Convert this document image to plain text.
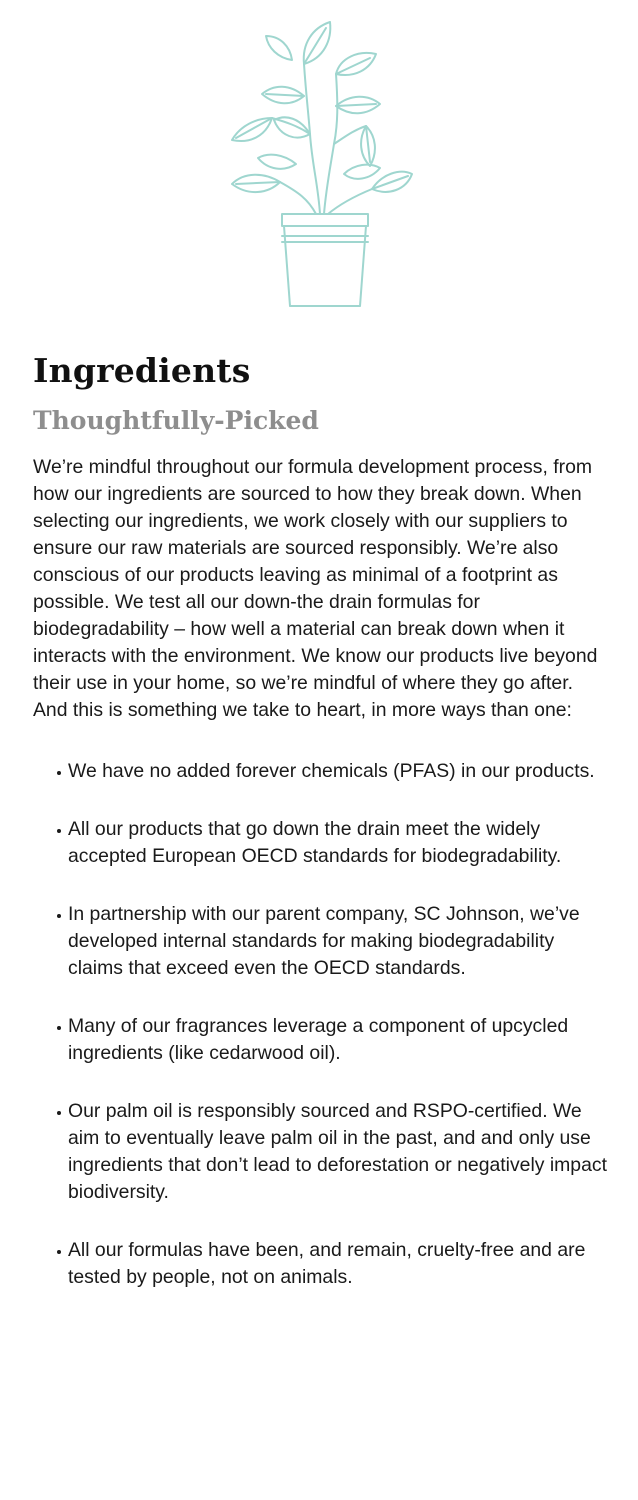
Ingredients
Thoughtfully-Picked

We’re mindful throughout our formula development process, from how our ingredients are sourced to how they break down. When selecting our ingredients, we work closely with our suppliers to ensure our raw materials are sourced responsibly. We’re also conscious of our products leaving as minimal of a footprint as possible. We test all our down-the drain formulas for biodegradability – how well a material can break down when it interacts with the environment. We know our products live beyond their use in your home, so we’re mindful of where they go after. And this is something we take to heart, in more ways than one:

We have no added forever chemicals (PFAS) in our products.
All our products that go down the drain meet the widely accepted European OECD standards for biodegradability.
In partnership with our parent company, SC Johnson, we’ve developed internal standards for making biodegradability claims that exceed even the OECD standards.
Many of our fragrances leverage a component of upcycled ingredients (like cedarwood oil).
Our palm oil is responsibly sourced and RSPO-certified. We aim to eventually leave palm oil in the past, and and only use ingredients that don’t lead to deforestation or negatively impact biodiversity.
All our formulas have been, and remain, cruelty-free and are tested by people, not on animals.
